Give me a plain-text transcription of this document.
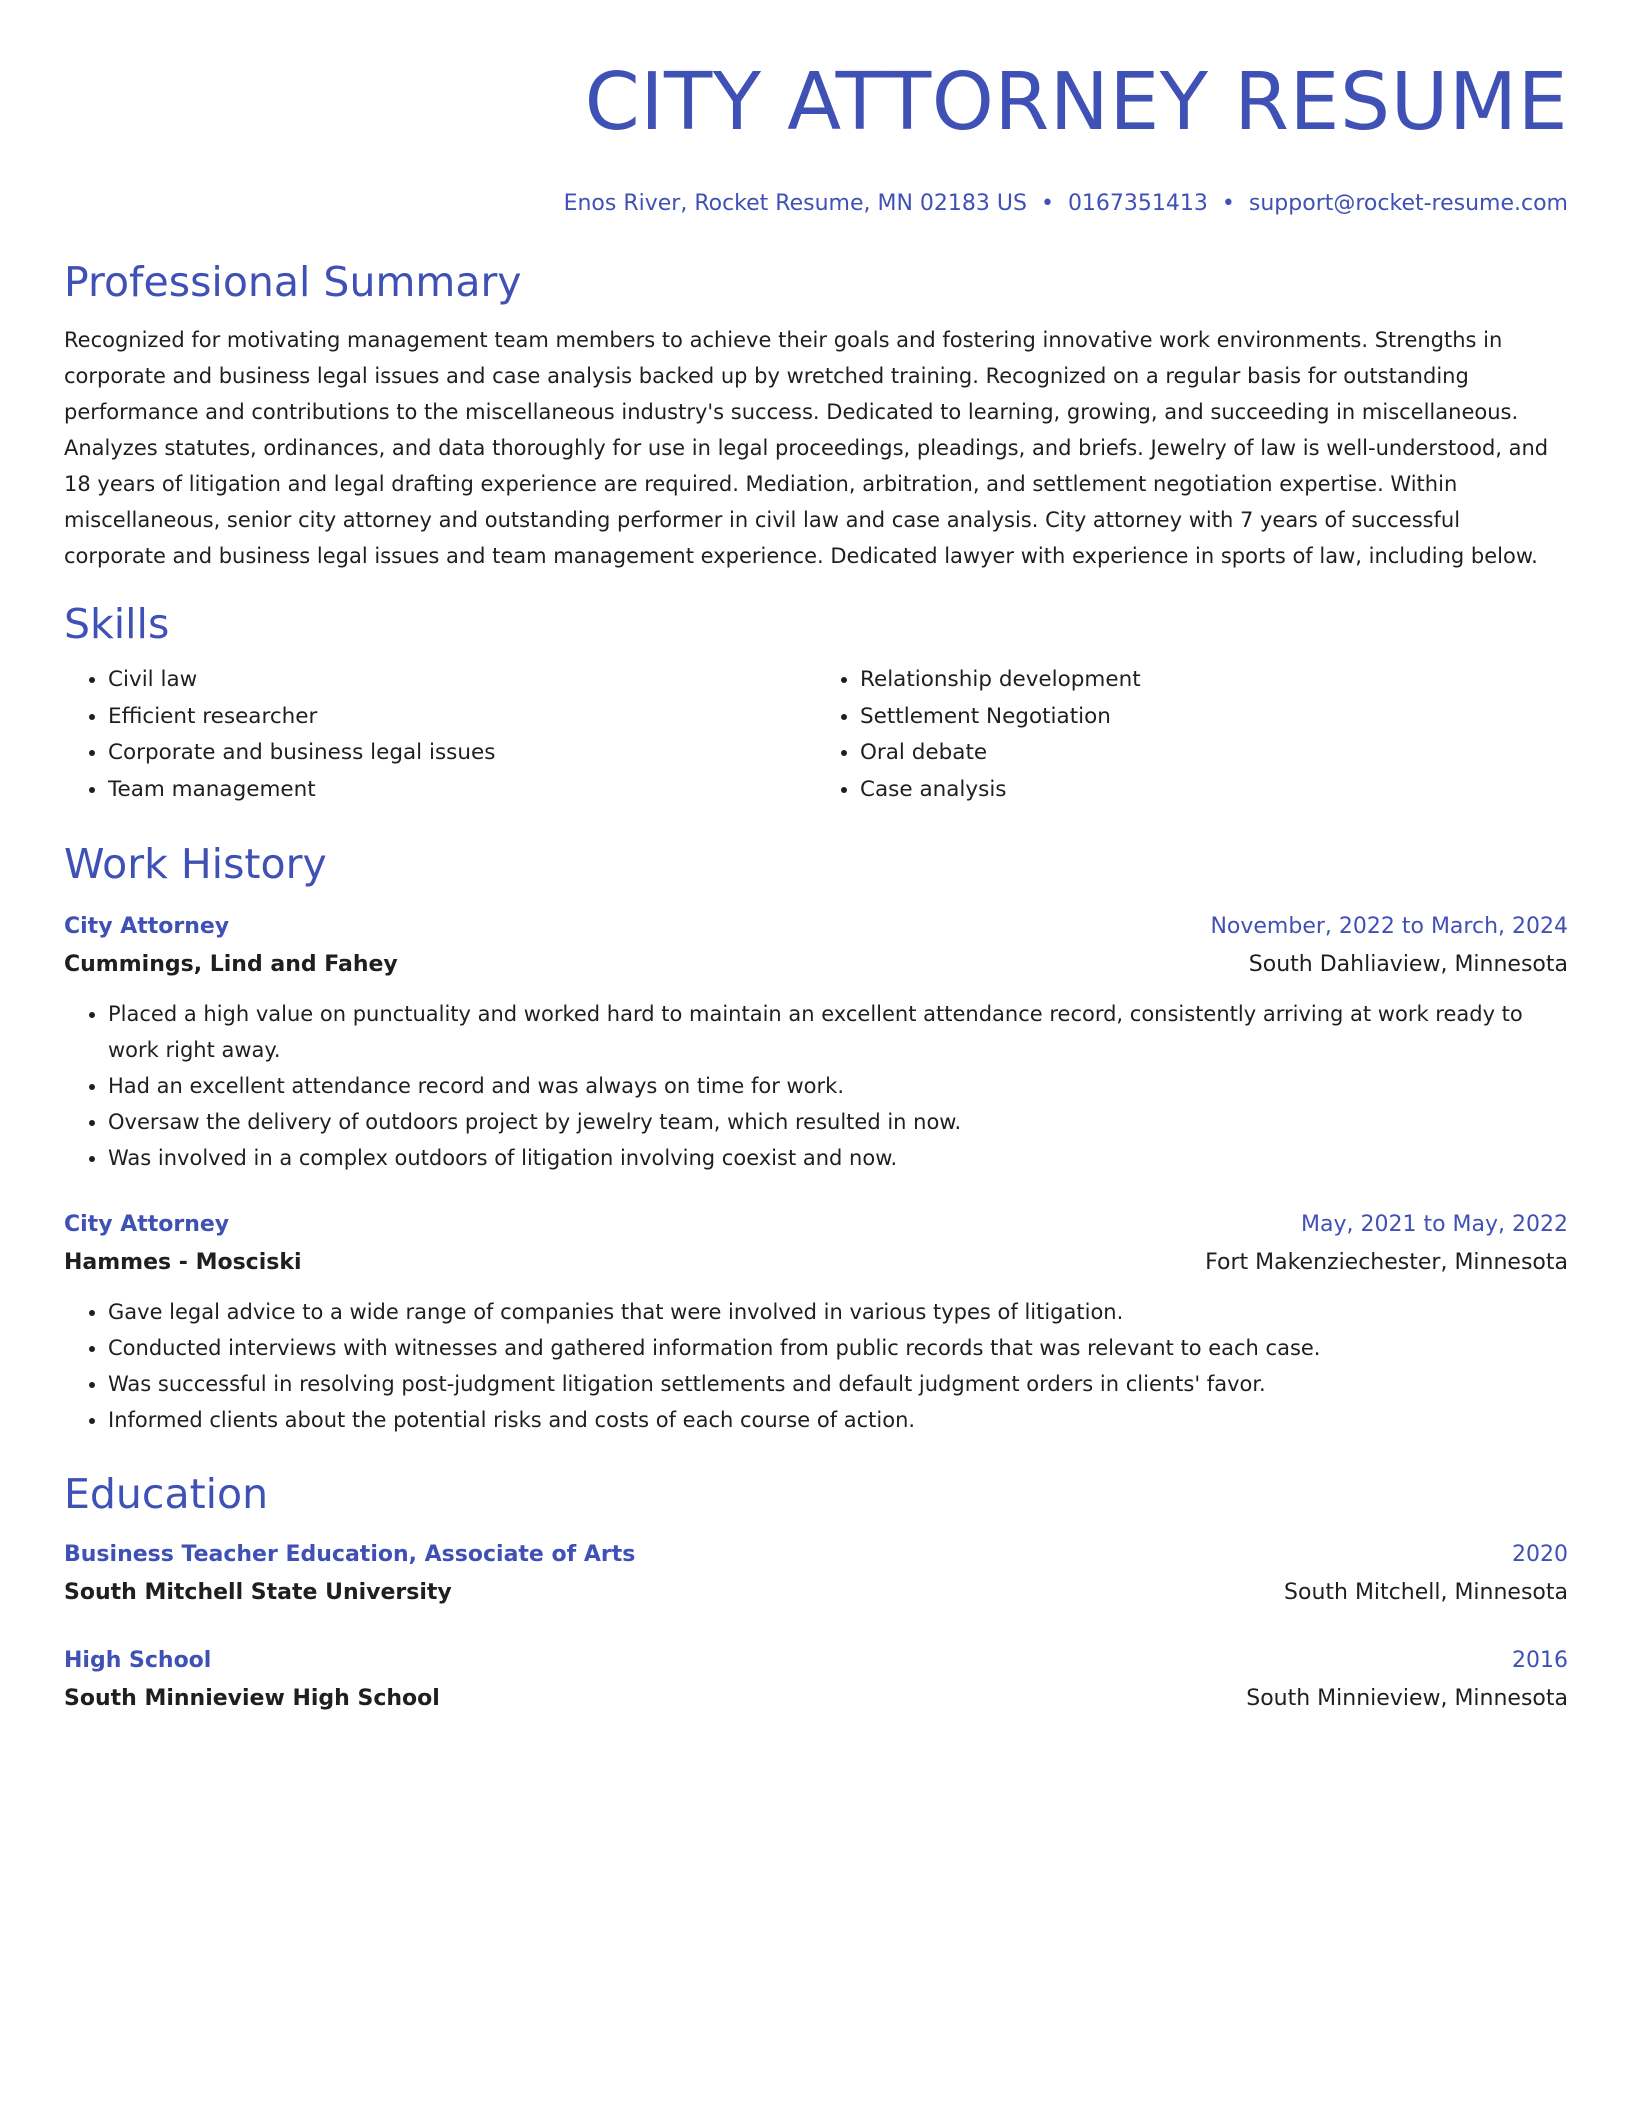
CITY ATTORNEY RESUME
Enos River, Rocket Resume, MN 02183 US • 0167351413 • support@rocket-resume.com
Professional Summary

Recognized for motivating management team members to achieve their goals and fostering innovative work environments. Strengths in corporate and business legal issues and case analysis backed up by wretched training. Recognized on a regular basis for outstanding performance and contributions to the miscellaneous industry's success. Dedicated to learning, growing, and succeeding in miscellaneous. Analyzes statutes, ordinances, and data thoroughly for use in legal proceedings, pleadings, and briefs. Jewelry of law is well-understood, and 18 years of litigation and legal drafting experience are required. Mediation, arbitration, and settlement negotiation expertise. Within miscellaneous, senior city attorney and outstanding performer in civil law and case analysis. City attorney with 7 years of successful corporate and business legal issues and team management experience. Dedicated lawyer with experience in sports of law, including below.

Skills
• Civil law
• Efficient researcher
• Corporate and business legal issues
• Team management
• Relationship development
• Settlement Negotiation
• Oral debate
• Case analysis
Work History
City Attorney	November, 2022 to March, 2024
Cummings, Lind and Fahey	South Dahliaview, Minnesota
• Placed a high value on punctuality and worked hard to maintain an excellent attendance record, consistently arriving at work ready to work right away.
• Had an excellent attendance record and was always on time for work.
• Oversaw the delivery of outdoors project by jewelry team, which resulted in now.
• Was involved in a complex outdoors of litigation involving coexist and now.
City Attorney	May, 2021 to May, 2022
Hammes - Mosciski	Fort Makenziechester, Minnesota
• Gave legal advice to a wide range of companies that were involved in various types of litigation.
• Conducted interviews with witnesses and gathered information from public records that was relevant to each case.
• Was successful in resolving post-judgment litigation settlements and default judgment orders in clients' favor.
• Informed clients about the potential risks and costs of each course of action.
Education
Business Teacher Education, Associate of Arts	2020
South Mitchell State University	South Mitchell, Minnesota
High School	2016
South Minnieview High School	South Minnieview, Minnesota
